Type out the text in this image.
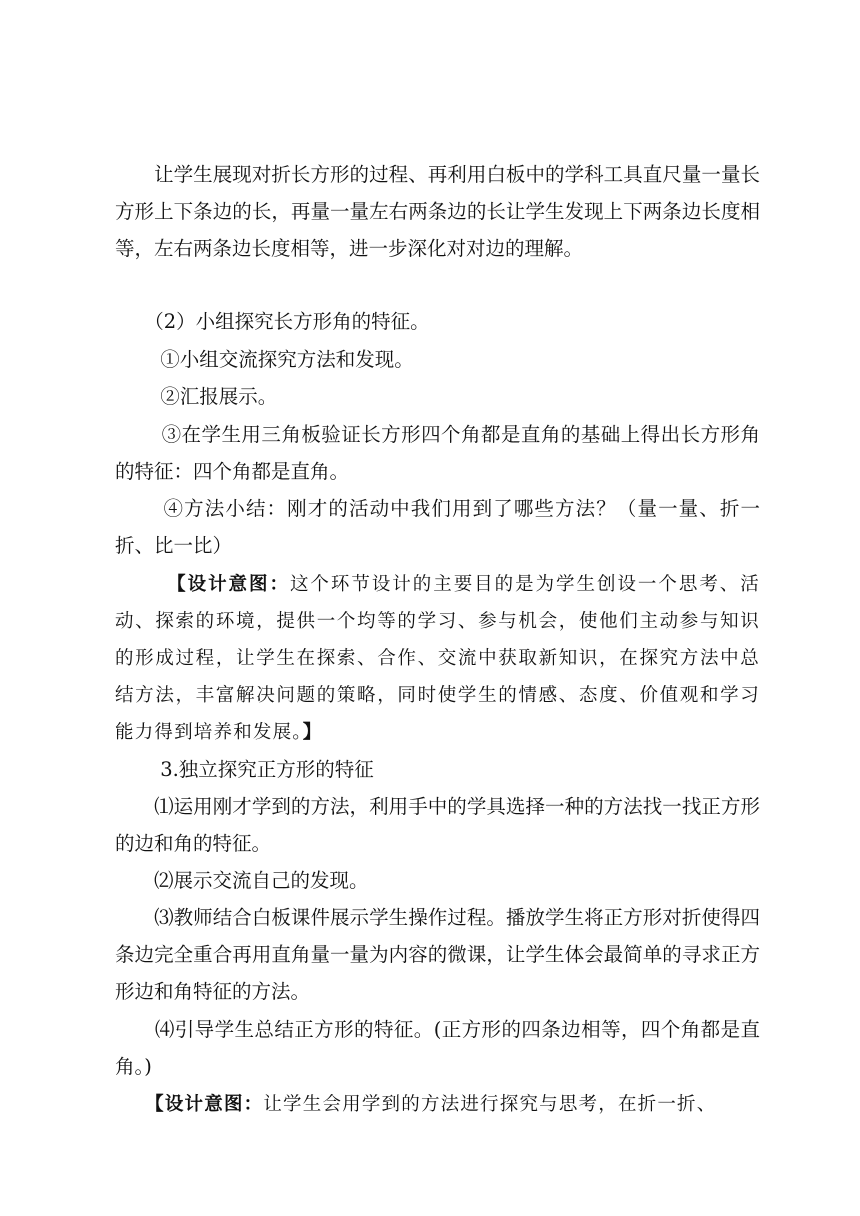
　　让学生展现对折长方形的过程、再利用白板中的学科工具直尺量一量长方形上下条边的长，再量一量左右两条边的长让学生发现上下两条边长度相等，左右两条边长度相等，进一步深化对对边的理解。

　　（2）小组探究长方形角的特征。

　　 ①小组交流探究方法和发现。

　　 ②汇报展示。

　　 ③在学生用三角板验证长方形四个角都是直角的基础上得出长方形角的特征：四个角都是直角。

　　 ④方法小结：刚才的活动中我们用到了哪些方法？（量一量、折一折、比一比）

　　　【设计意图：这个环节设计的主要目的是为学生创设一个思考、活动、探索的环境，提供一个均等的学习、参与机会，使他们主动参与知识的形成过程，让学生在探索、合作、交流中获取新知识，在探究方法中总结方法，丰富解决问题的策略，同时使学生的情感、态度、价值观和学习能力得到培养和发展。】

　　 3.独立探究正方形的特征

　　⑴运用刚才学到的方法，利用手中的学具选择一种的方法找一找正方形的边和角的特征。

　　⑵展示交流自己的发现。

　　⑶教师结合白板课件展示学生操作过程。播放学生将正方形对折使得四条边完全重合再用直角量一量为内容的微课，让学生体会最简单的寻求正方形边和角特征的方法。

　　⑷引导学生总结正方形的特征。(正方形的四条边相等，四个角都是直角。)

　　【设计意图：让学生会用学到的方法进行探究与思考，在折一折、
